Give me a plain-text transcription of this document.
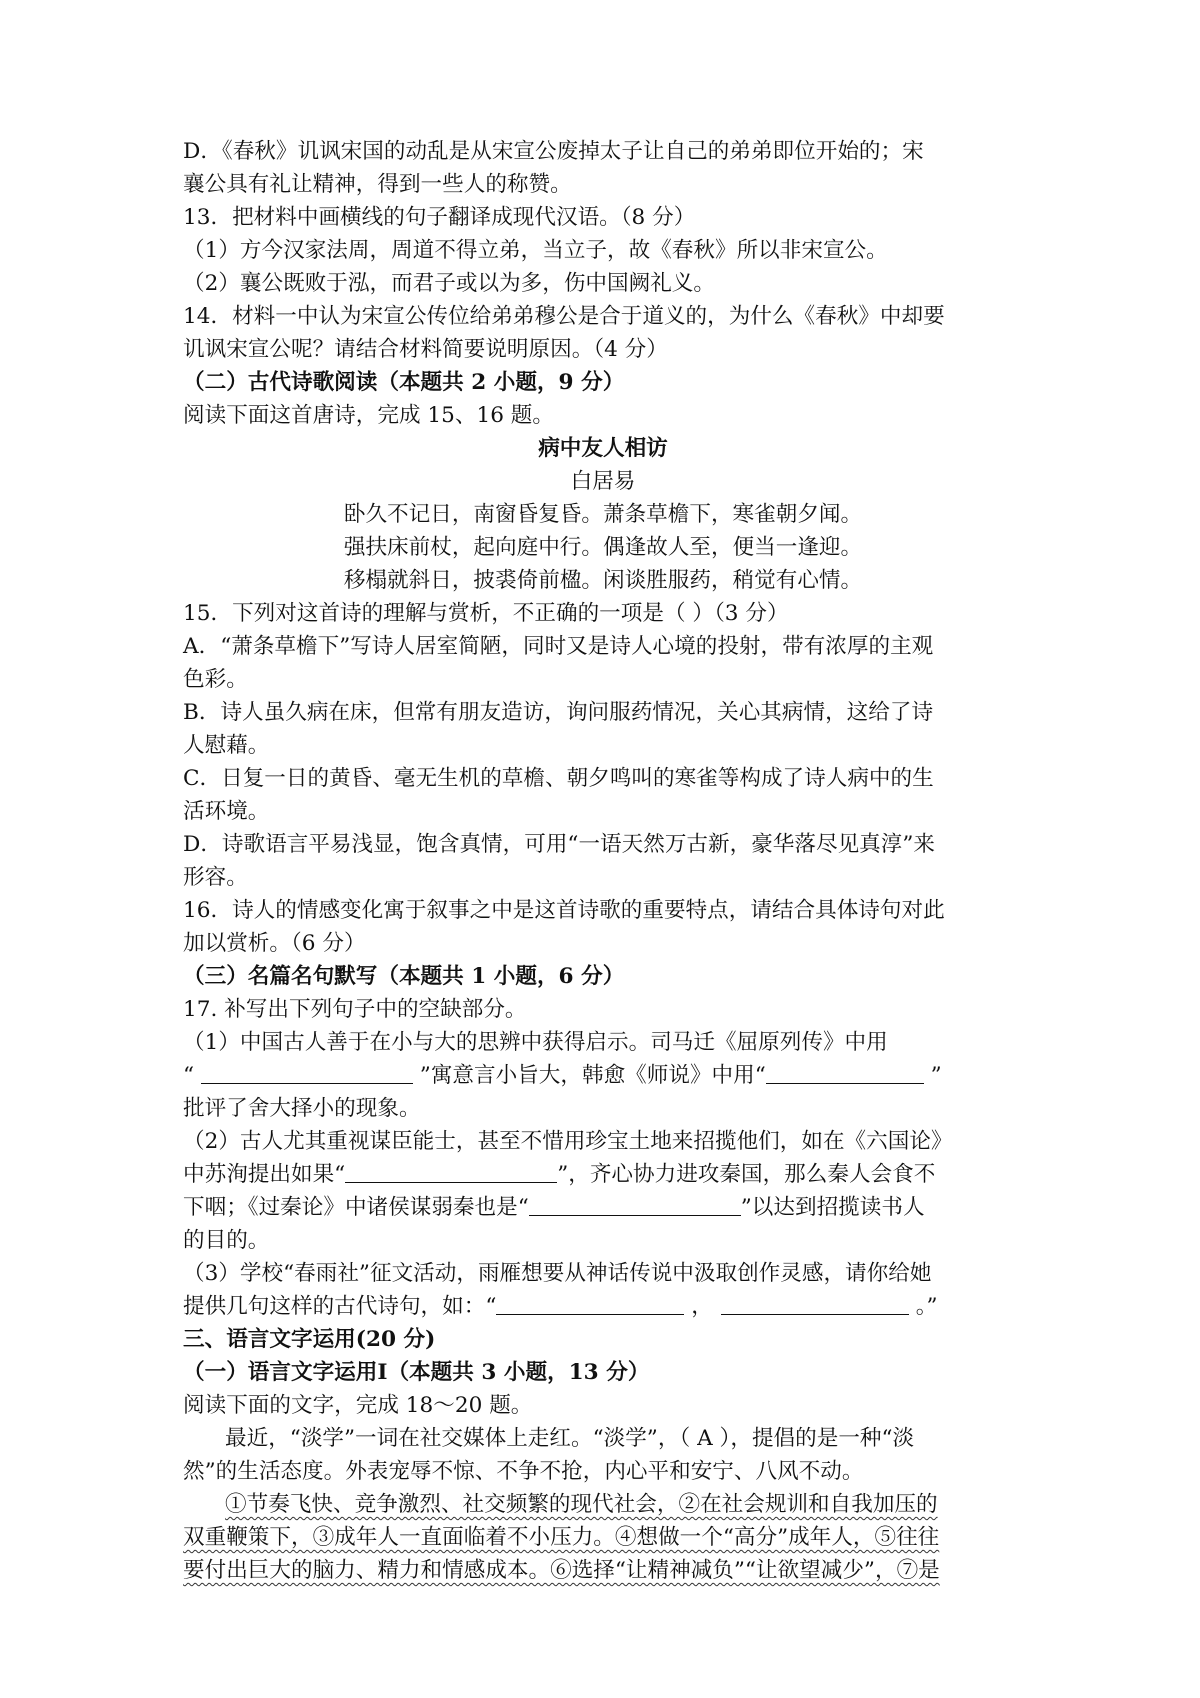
D．《春秋》讥讽宋国的动乱是从宋宣公废掉太子让自己的弟弟即位开始的；宋
襄公具有礼让精神，得到一些人的称赞。
13．把材料中画横线的句子翻译成现代汉语。（8 分）
（1）方今汉家法周，周道不得立弟，当立子，故《春秋》所以非宋宣公。
（2）襄公既败于泓，而君子或以为多，伤中国阙礼义。
14．材料一中认为宋宣公传位给弟弟穆公是合于道义的，为什么《春秋》中却要
讥讽宋宣公呢？请结合材料简要说明原因。（4 分）
（二）古代诗歌阅读（本题共 2 小题，9 分）
阅读下面这首唐诗，完成 15、16 题。
病中友人相访
白居易
卧久不记日，南窗昏复昏。萧条草檐下，寒雀朝夕闻。
强扶床前杖，起向庭中行。偶逢故人至，便当一逢迎。
移榻就斜日，披裘倚前楹。闲谈胜服药，稍觉有心情。
15．下列对这首诗的理解与赏析，不正确的一项是（ ）（3 分）
A．“萧条草檐下”写诗人居室简陋，同时又是诗人心境的投射，带有浓厚的主观
色彩。
B．诗人虽久病在床，但常有朋友造访，询问服药情况，关心其病情，这给了诗
人慰藉。
C．日复一日的黄昏、毫无生机的草檐、朝夕鸣叫的寒雀等构成了诗人病中的生
活环境。
D．诗歌语言平易浅显，饱含真情，可用“一语天然万古新，豪华落尽见真淳”来
形容。
16．诗人的情感变化寓于叙事之中是这首诗歌的重要特点，请结合具体诗句对此
加以赏析。（6 分）
（三）名篇名句默写（本题共 1 小题，6 分）
17. 补写出下列句子中的空缺部分。
（1）中国古人善于在小与大的思辨中获得启示。司马迁《屈原列传》中用
“	”寓意言小旨大，韩愈《师说》中用“	”
批评了舍大择小的现象。
（2）古人尤其重视谋臣能士，甚至不惜用珍宝土地来招揽他们，如在《六国论》
中苏洵提出如果“	”，齐心协力进攻秦国，那么秦人会食不
下咽；《过秦论》中诸侯谋弱秦也是“	”以达到招揽读书人
的目的。
（3）学校“春雨社”征文活动，雨雁想要从神话传说中汲取创作灵感，请你给她
提供几句这样的古代诗句，如：“	，	。”
三、语言文字运用(20 分)
（一）语言文字运用Ⅰ（本题共 3 小题，13 分）
阅读下面的文字，完成 18～20 题。
最近，“淡学”一词在社交媒体上走红。“淡学”，（ A ），提倡的是一种“淡
然”的生活态度。外表宠辱不惊、不争不抢，内心平和安宁、八风不动。
①节奏飞快、竞争激烈、社交频繁的现代社会，②在社会规训和自我加压的
双重鞭策下，③成年人一直面临着不小压力。④想做一个“高分”成年人，⑤往往
要付出巨大的脑力、精力和情感成本。⑥选择“让精神减负”“让欲望减少”，⑦是
